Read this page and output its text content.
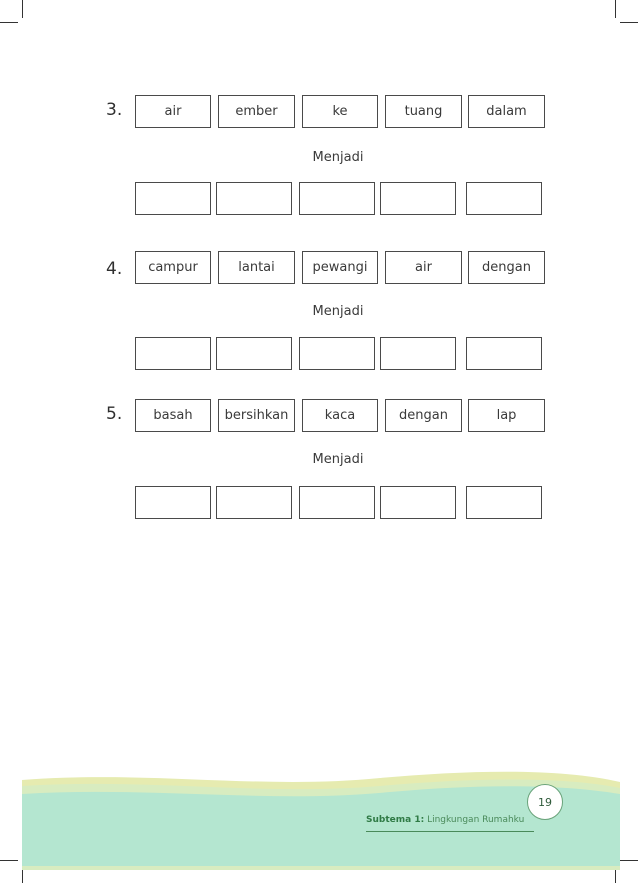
3.	air	ember	ke	tuang	dalam
Menjadi
4.	campur	lantai	pewangi	air	dengan
Menjadi
5.	basah	bersihkan	kaca	dengan	lap
Menjadi
Subtema 1: Lingkungan Rumahku
19
